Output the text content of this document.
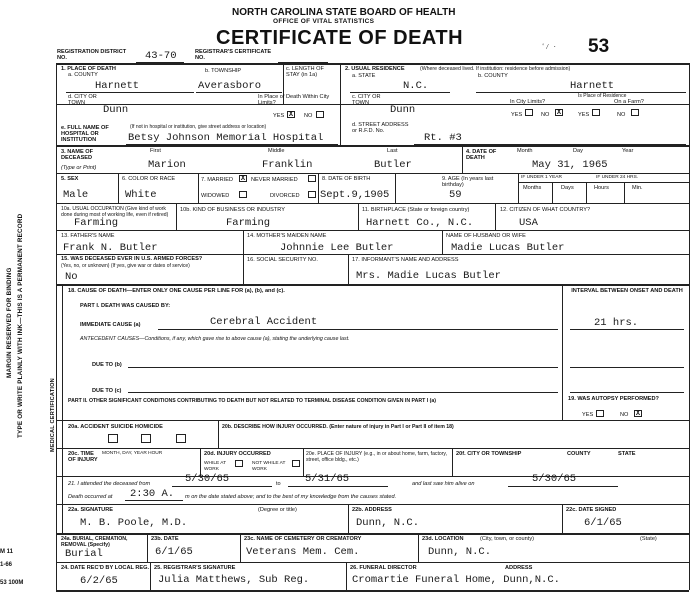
MARGIN RESERVED FOR BINDING TYPE OR WRITE PLAINLY WITH INK—THIS IS A PERMANENT RECORD	MEDICAL CERTIFICATION
M 11
1-66
53 100M
NORTH CAROLINA STATE BOARD OF HEALTH
OFFICE OF VITAL STATISTICS
CERTIFICATE OF DEATH	53
ʻ⁄ ‧
REGISTRATION DISTRICT NO.	43-70	REGISTRAR'S CERTIFICATE NO.
1. PLACE OF DEATH
a. COUNTY
Harnett
b. TOWNSHIP
Averasboro
c. LENGTH OF STAY (in 1a)
d. CITY OR TOWN
Dunn
In Place of Death Within City Limits?
YES X	NO
e. FULL NAME OF HOSPITAL OR INSTITUTION
(If not in hospital or institution, give street address or location)
Betsy Johnson Memorial Hospital
2. USUAL RESIDENCE	(Where deceased lived. If institution: residence before admission)
a. STATE
N.C.
b. COUNTY
Harnett
c. CITY OR TOWN
Dunn
Is Place of Residence
In City Limits?	On a Farm?
YES	NO X	YES	NO
d. STREET ADDRESS or R.F.D. No.
Rt. #3
3. NAME OF DECEASED
(Type or Print)
First	Middle	Last
Marion	Franklin	Butler
4. DATE OF DEATH
Month	Day	Year
May 31, 1965
5. SEX
Male
6. COLOR OR RACE
White
7. MARRIED X	NEVER MARRIED
WIDOWED	DIVORCED
8. DATE OF BIRTH
Sept.9,1905
9. AGE (In years last birthday)
59
IF UNDER 1 YEAR	IF UNDER 24 HRS.
Months	Days	Hours	Min.
10a. USUAL OCCUPATION (Give kind of work done during most of working life, even if retired)
Farming
10b. KIND OF BUSINESS OR INDUSTRY
Farming
11. BIRTHPLACE (State or foreign country)
Harnett Co., N.C.
12. CITIZEN OF WHAT COUNTRY?
USA
13. FATHER'S NAME
Frank N. Butler
14. MOTHER'S MAIDEN NAME
Johnnie Lee Butler
NAME OF HUSBAND OR WIFE
Madie Lucas Butler
15. WAS DECEASED EVER IN U.S. ARMED FORCES?
(Yes, no, or unknown) (If yes, give war or dates of service)
No
16. SOCIAL SECURITY NO.	17. INFORMANT'S NAME AND ADDRESS
Mrs. Madie Lucas Butler
18. CAUSE OF DEATH—ENTER ONLY ONE CAUSE PER LINE FOR (a), (b), and (c).
PART I. DEATH WAS CAUSED BY:
INTERVAL BETWEEN ONSET AND DEATH
IMMEDIATE CAUSE (a)	Cerebral Accident	21 hrs.
ANTECEDENT CAUSES—Conditions, if any, which gave rise to above cause (a), stating the underlying cause last.
DUE TO (b)
DUE TO (c)
PART II. OTHER SIGNIFICANT CONDITIONS CONTRIBUTING TO DEATH BUT NOT RELATED TO TERMINAL DISEASE CONDITION GIVEN IN PART I (a)	19. WAS AUTOPSY PERFORMED?
YES	NO X
20a. ACCIDENT SUICIDE HOMICIDE	20b. DESCRIBE HOW INJURY OCCURRED. (Enter nature of injury in Part I or Part II of item 18)
20c. TIME OF INJURY
MONTH, DAY, YEAR HOUR	20d. INJURY OCCURRED
WHILE AT WORK
NOT WHILE AT WORK
20e. PLACE OF INJURY (e.g., in or about home, farm, factory, street, office bldg., etc.)
20f. CITY OR TOWNSHIP	COUNTY	STATE
21. I attended the deceased from	5/30/65	to 5/31/65	and last saw him alive on	5/30/65
Death occurred at 2:30 A. m on the date stated above; and to the best of my knowledge from the causes stated.
22a. SIGNATURE	(Degree or title)
M. B. Poole, M.D.
22b. ADDRESS
Dunn, N.C.
22c. DATE SIGNED
6/1/65
24a. BURIAL, CREMATION, REMOVAL (Specify)
Burial
23b. DATE
6/1/65
23c. NAME OF CEMETERY OR CREMATORY
Veterans Mem. Cem.
23d. LOCATION	(City, town, or county)	(State)
Dunn, N.C.
24. DATE REC'D BY LOCAL REG.
6/2/65
25. REGISTRAR'S SIGNATURE
Julia Matthews, Sub Reg.
26. FUNERAL DIRECTOR	ADDRESS
Cromartie Funeral Home, Dunn,N.C.
